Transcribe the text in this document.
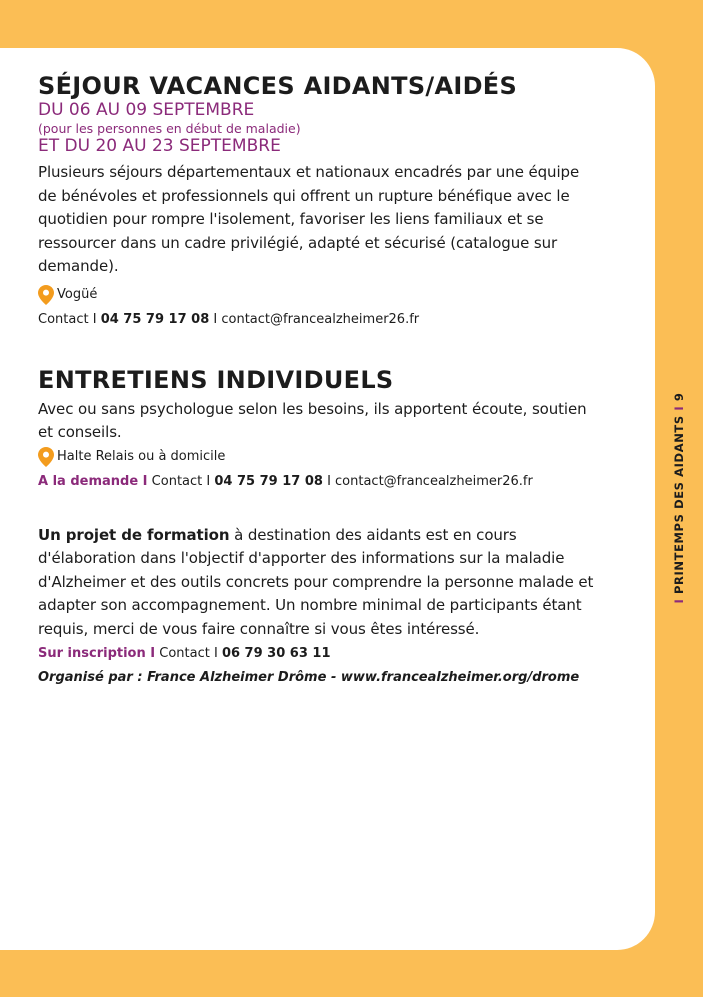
SÉJOUR VACANCES AIDANTS/AIDÉS
DU 06 AU 09 SEPTEMBRE
(pour les personnes en début de maladie)
ET DU 20 AU 23 SEPTEMBRE

Plusieurs séjours départementaux et nationaux encadrés par une équipe de bénévoles et professionnels qui offrent un rupture bénéfique avec le quotidien pour rompre l'isolement, favoriser les liens familiaux et se ressourcer dans un cadre privilégié, adapté et sécurisé (catalogue sur demande).

Vogüé
Contact I 04 75 79 17 08 I contact@francealzheimer26.fr
ENTRETIENS INDIVIDUELS

Avec ou sans psychologue selon les besoins, ils apportent écoute, soutien et conseils.

Halte Relais ou à domicile
A la demande I Contact I 04 75 79 17 08 I contact@francealzheimer26.fr

Un projet de formation à destination des aidants est en cours d'élaboration dans l'objectif d'apporter des informations sur la maladie d'Alzheimer et des outils concrets pour comprendre la personne malade et adapter son accompagnement. Un nombre minimal de participants étant requis, merci de vous faire connaître si vous êtes intéressé.

Sur inscription I Contact I 06 79 30 63 11
Organisé par : France Alzheimer Drôme - www.francealzheimer.org/drome
I PRINTEMPS DES AIDANTS I 9
